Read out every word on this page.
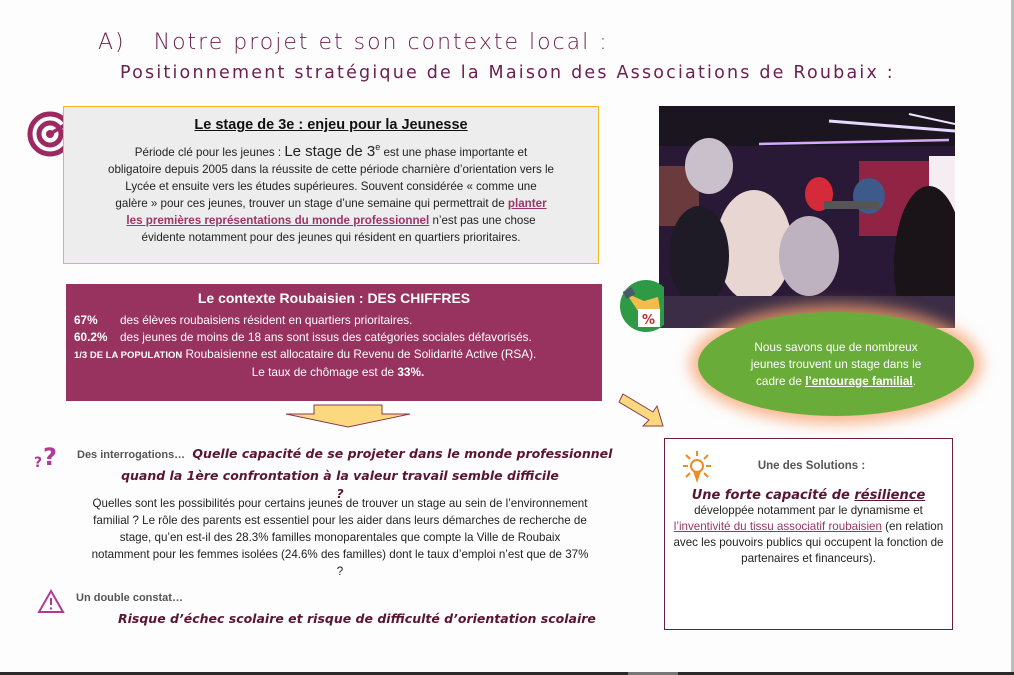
A) Notre projet et son contexte local :
Positionnement stratégique de la Maison des Associations de Roubaix :
Le stage de 3e : enjeu pour la Jeunesse

Période clé pour les jeunes : Le stage de 3e est une phase importante et obligatoire depuis 2005 dans la réussite de cette période charnière d’orientation vers le Lycée et ensuite vers les études supérieures. Souvent considérée « comme une galère » pour ces jeunes, trouver un stage d’une semaine qui permettrait de planter les premières représentations du monde professionnel n’est pas une chose évidente notamment pour des jeunes qui résident en quartiers prioritaires.

Le contexte Roubaisien : DES CHIFFRES
67% des élèves roubaisiens résident en quartiers prioritaires.
60.2% des jeunes de moins de 18 ans sont issus des catégories sociales défavorisés.
1/3 DE LA POPULATION Roubaisienne est allocataire du Revenu de Solidarité Active (RSA).
Le taux de chômage est de 33%.
%
Nous savons que de nombreux jeunes trouvent un stage dans le cadre de l’entourage familial.
? ? Des interrogations… Quelle capacité de se projeter dans le monde professionnel
quand la 1ère confrontation à la valeur travail semble difficile ?
Quelles sont les possibilités pour certains jeunes de trouver un stage au sein de l’environnement familial ? Le rôle des parents est essentiel pour les aider dans leurs démarches de recherche de stage, qu’en est-il des 28.3% familles monoparentales que compte la Ville de Roubaix notamment pour les femmes isolées (24.6% des familles) dont le taux d’emploi n’est que de 37% ?
Un double constat…
Risque d’échec scolaire et risque de difficulté d’orientation scolaire
Une des Solutions :
Une forte capacité de résilience
développée notamment par le dynamisme et l’inventivité du tissu associatif roubaisien (en relation avec les pouvoirs publics qui occupent la fonction de partenaires et financeurs).
